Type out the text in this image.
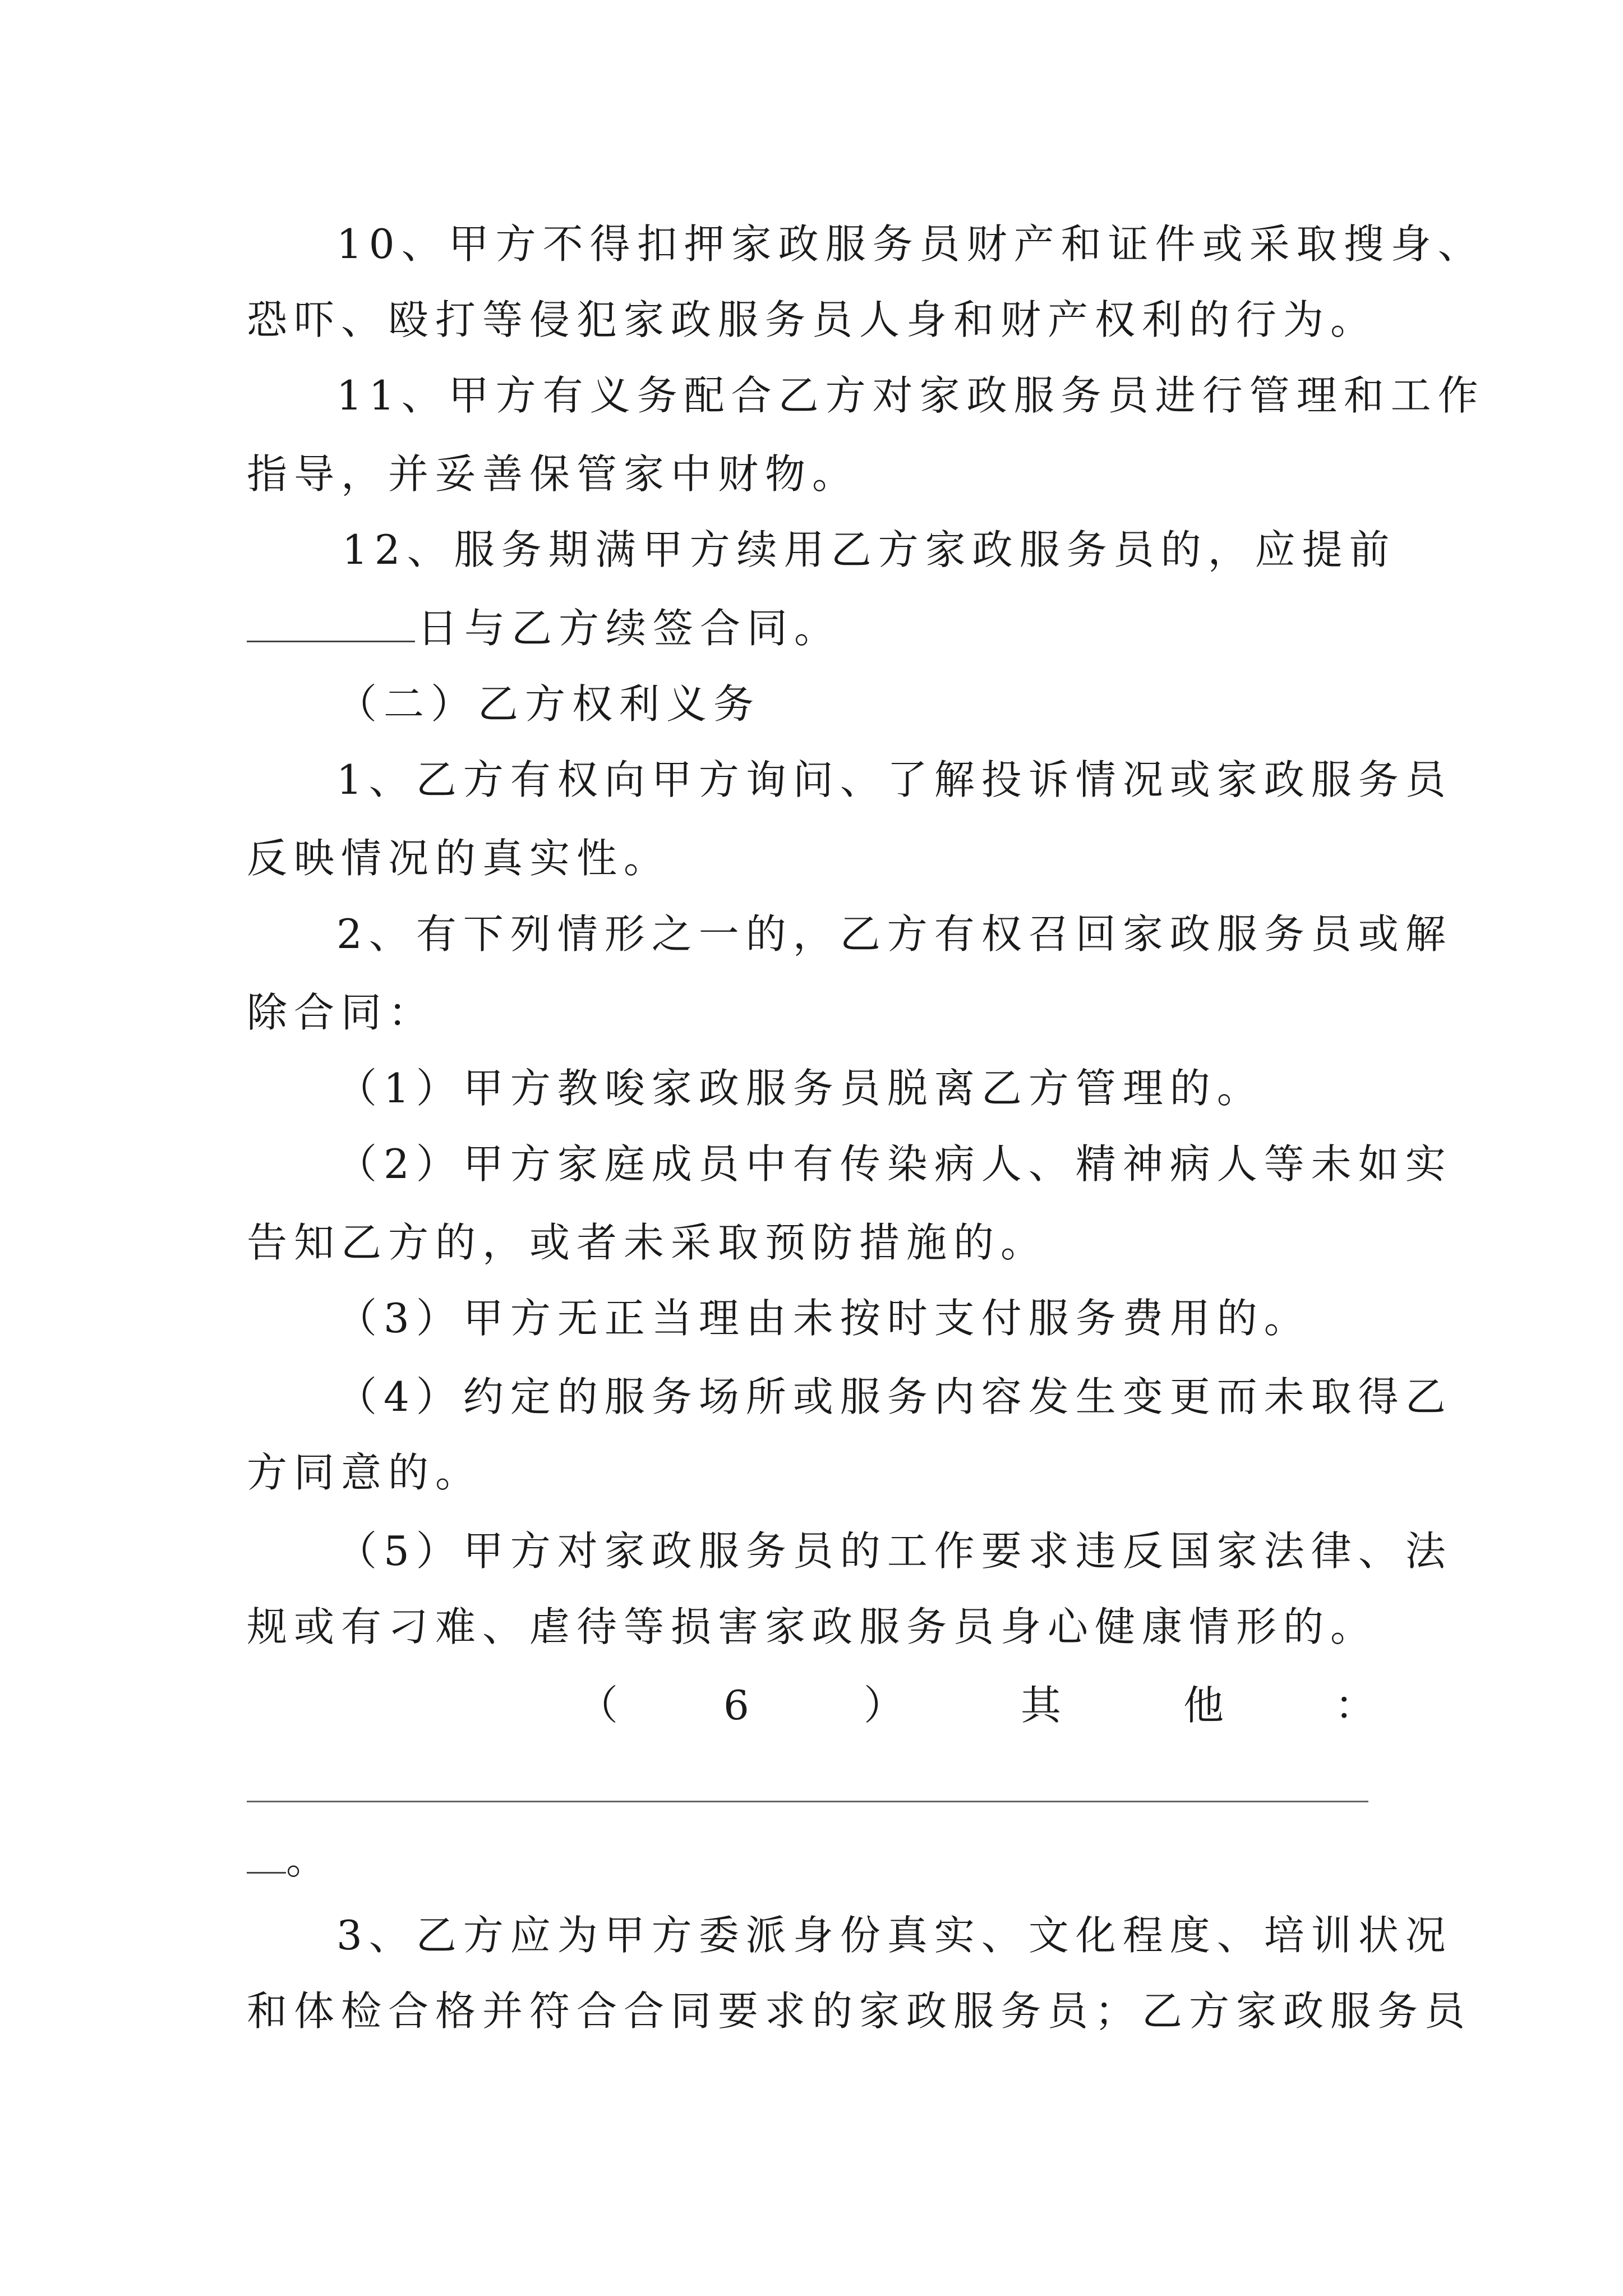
10、甲方不得扣押家政服务员财产和证件或采取搜身、
恐吓、殴打等侵犯家政服务员人身和财产权利的行为。
11、甲方有义务配合乙方对家政服务员进行管理和工作
指导，并妥善保管家中财物。
12、服务期满甲方续用乙方家政服务员的，应提前
日与乙方续签合同。
（二）乙方权利义务
1、乙方有权向甲方询问、了解投诉情况或家政服务员
反映情况的真实性。
2、有下列情形之一的，乙方有权召回家政服务员或解
除合同：
（1）甲方教唆家政服务员脱离乙方管理的。
（2）甲方家庭成员中有传染病人、精神病人等未如实
告知乙方的，或者未采取预防措施的。
（3）甲方无正当理由未按时支付服务费用的。
（4）约定的服务场所或服务内容发生变更而未取得乙
方同意的。
（5）甲方对家政服务员的工作要求违反国家法律、法
规或有刁难、虐待等损害家政服务员身心健康情形的。
（	6	）	其	他	：
。
3、乙方应为甲方委派身份真实、文化程度、培训状况
和体检合格并符合合同要求的家政服务员；乙方家政服务员
